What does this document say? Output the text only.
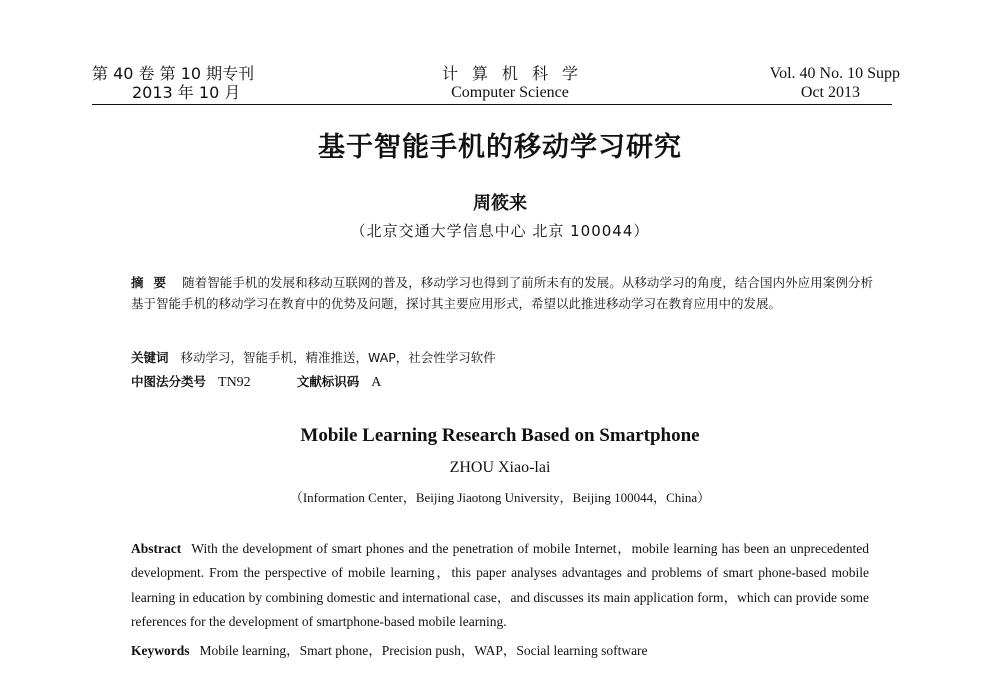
第 40 卷 第 10 期专刊
2013 年 10 月
计算机科学
Computer Science
Vol. 40 No. 10 Supp
Oct 2013
基于智能手机的移动学习研究
周筱来
（北京交通大学信息中心 北京 100044）
摘要 随着智能手机的发展和移动互联网的普及，移动学习也得到了前所未有的发展。从移动学习的角度，结合国内外应用案例分析基于智能手机的移动学习在教育中的优势及问题，探讨其主要应用形式，希望以此推进移动学习在教育应用中的发展。
关键词 移动学习，智能手机，精准推送，WAP，社会性学习软件
中图法分类号 TN92	文献标识码 A
Mobile Learning Research Based on Smartphone
ZHOU Xiao-lai
（Information Center，Beijing Jiaotong University，Beijing 100044，China）
Abstract With the development of smart phones and the penetration of mobile Internet，mobile learning has been an unprecedented development. From the perspective of mobile learning，this paper analyses advantages and problems of smart phone-based mobile learning in education by combining domestic and international case，and discusses its main application form，which can provide some references for the development of smartphone-based mobile learning.
Keywords Mobile learning，Smart phone，Precision push，WAP，Social learning software
